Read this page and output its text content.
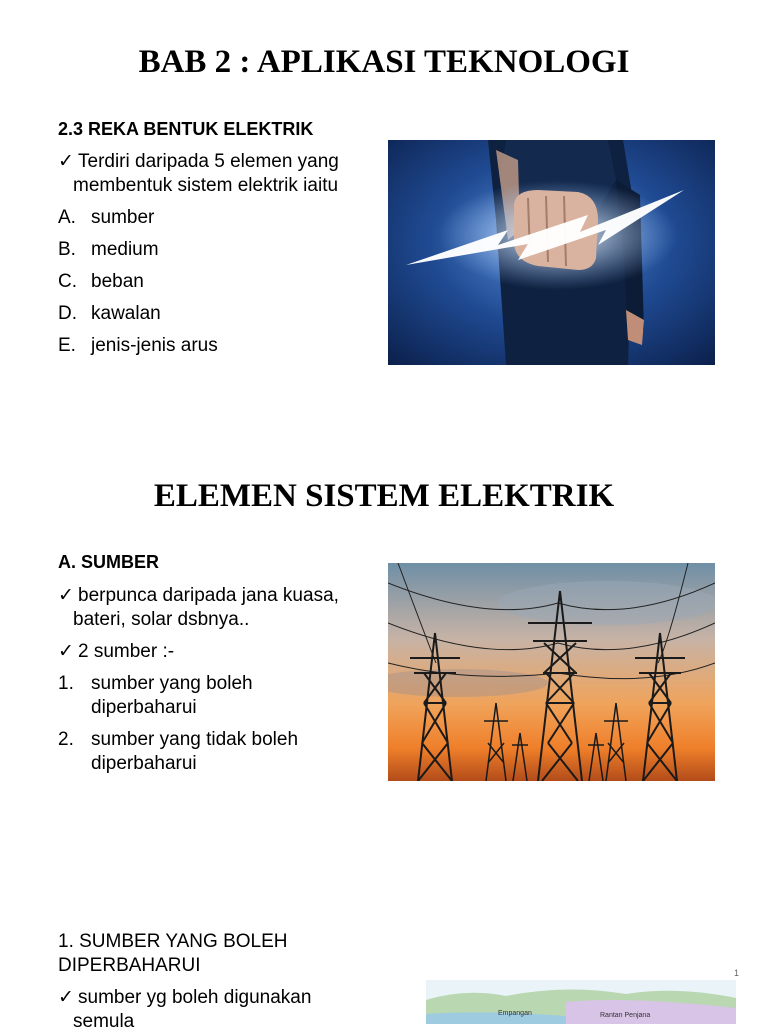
BAB 2 : APLIKASI TEKNOLOGI

2.3 REKA BENTUK ELEKTRIK

✓ Terdiri daripada 5 elemen yang

membentuk sistem elektrik iaitu

A. sumber

B. medium

C. beban

D. kawalan

E. jenis-jenis arus

ELEMEN SISTEM ELEKTRIK

A. SUMBER

✓ berpunca daripada jana kuasa,

bateri, solar dsbnya..

✓ 2 sumber :-

1. sumber yang boleh

diperbaharui

2. sumber yang tidak boleh

diperbaharui

1. SUMBER YANG BOLEH

DIPERBAHARUI

✓ sumber yg boleh digunakan

semula

1
Empangan	Rantan Penjana
